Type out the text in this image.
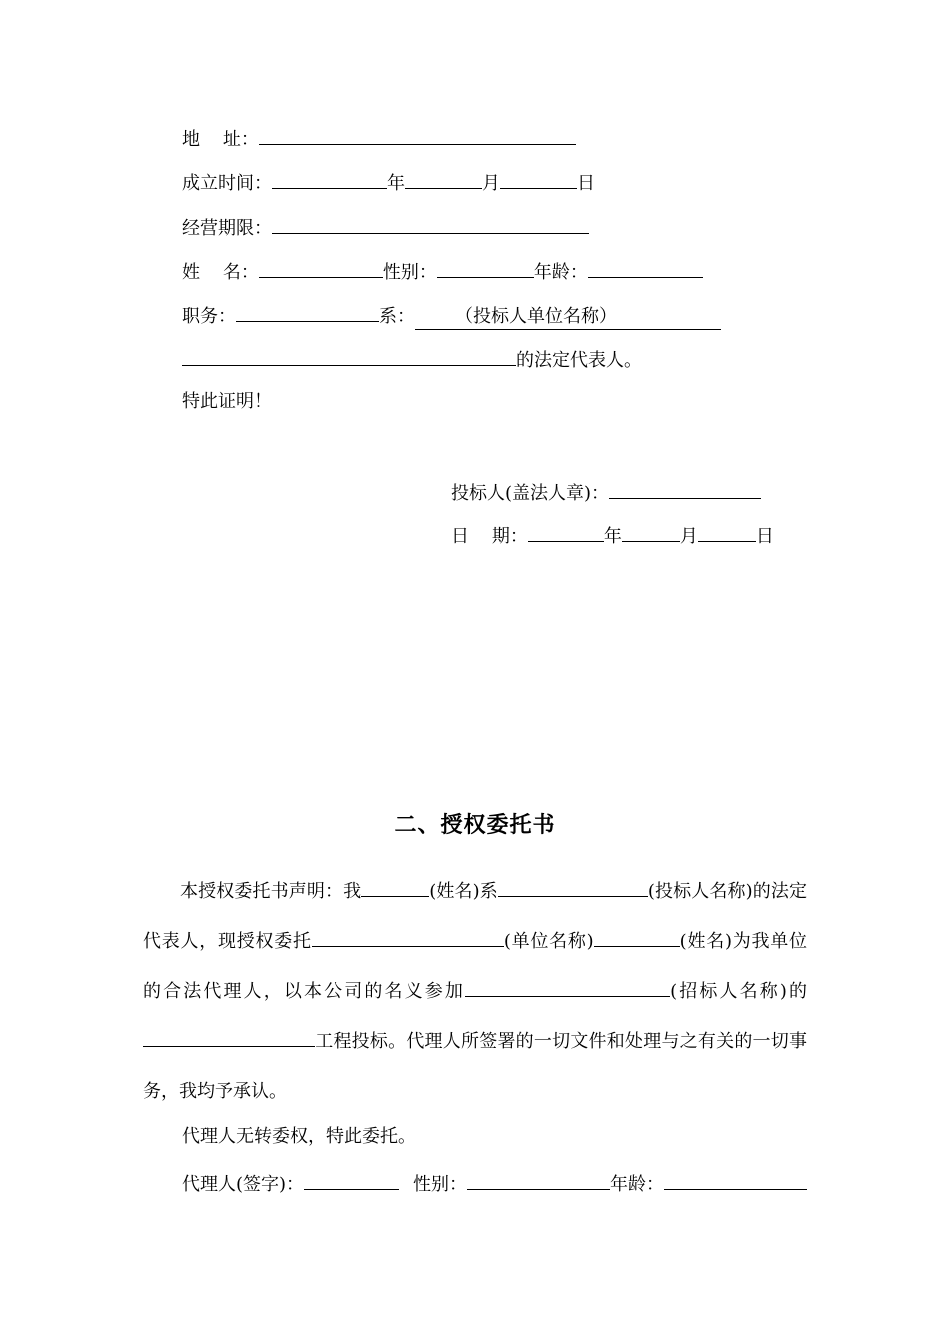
地    址：
成立时间：	年	月	日
经营期限：
姓    名：	性别：	年龄：
职务：	系： （投标人单位名称）
的法定代表人。
特此证明！
投标人(盖法人章)：
日    期：	年	月	日
二、授权委托书
本授权委托书声明：我	(姓名)系	(投标人名称)的法定代表人，现授权委托	(单位名称)	(姓名)为我单位的合法代理人，以本公司的名义参加	(招标人名称)的工程投标。代理人所签署的一切文件和处理与之有关的一切事务，我均予承认。
代理人无转委权，特此委托。
代理人(签字)：	性别：	年龄：
